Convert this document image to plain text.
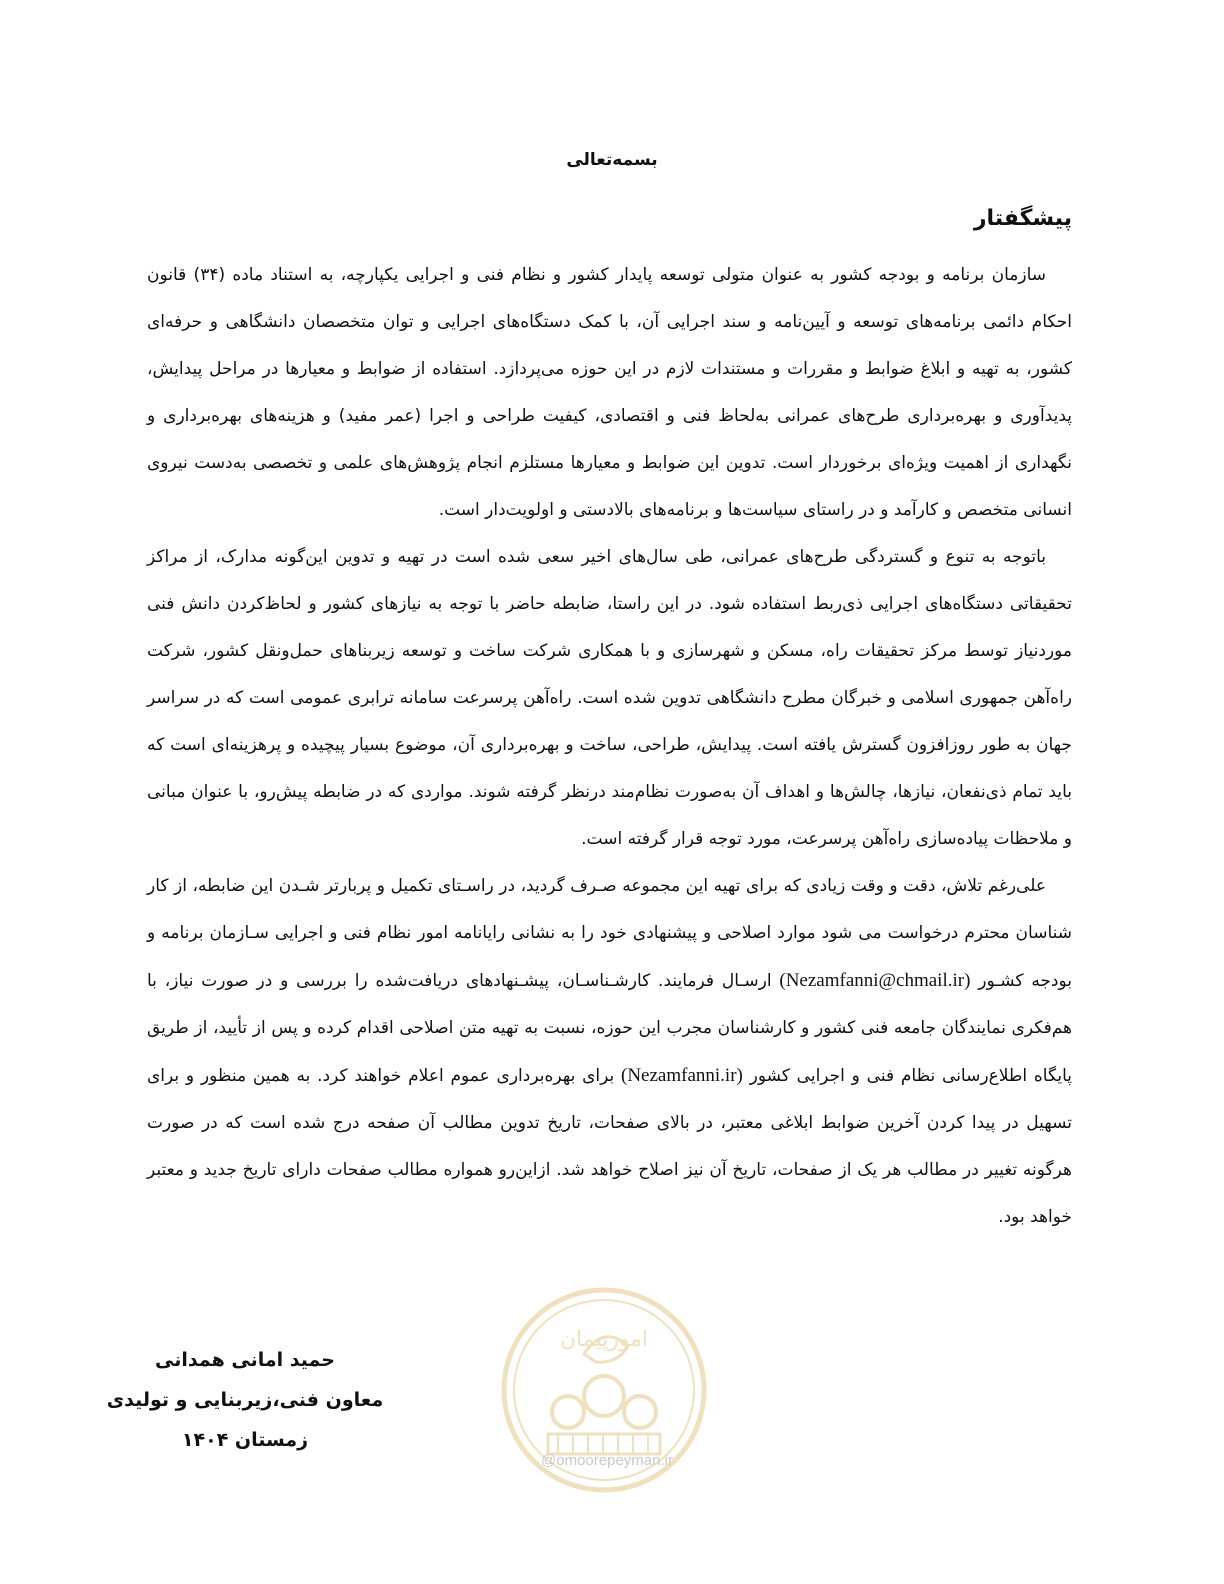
بسمه‌تعالی
پیشگفتار

سازمان برنامه و بودجه کشور به عنوان متولی توسعه پایدار کشور و نظام فنی و اجرایی یکپارچه، به استناد ماده (۳۴) قانون احکام دائمی برنامه‌های توسعه و آیین‌نامه و سند اجرایی آن، با کمک دستگاه‌های اجرایی و توان متخصصان دانشگاهی و حرفه‌ای کشور، به تهیه و ابلاغ ضوابط و مقررات و مستندات لازم در این حوزه می‌پردازد. استفاده از ضوابط و معیارها در مراحل پیدایش، پدیدآوری و بهره‌برداری طرح‌های عمرانی به‌لحاظ فنی و اقتصادی، کیفیت طراحی و اجرا (عمر مفید) و هزینه‌های بهره‌برداری و نگهداری از اهمیت ویژه‌ای برخوردار است. تدوین این ضوابط و معیارها مستلزم انجام پژوهش‌های علمی و تخصصی به‌دست نیروی انسانی متخصص و کارآمد و در راستای سیاست‌ها و برنامه‌های بالادستی و اولویت‌دار است.

باتوجه به تنوع و گستردگی طرح‌های عمرانی، طی سال‌های اخیر سعی شده است در تهیه و تدوین این‌گونه مدارک، از مراکز تحقیقاتی دستگاه‌های اجرایی ذی‌ربط استفاده شود. در این راستا، ضابطه حاضر با توجه به نیازهای کشور و لحاظ‌کردن دانش فنی موردنیاز توسط مرکز تحقیقات راه، مسکن و شهرسازی و با همکاری شرکت ساخت و توسعه زیربناهای حمل‌ونقل کشور، شرکت راه‌آهن جمهوری اسلامی و خبرگان مطرح دانشگاهی تدوین شده است. راه‌آهن پرسرعت سامانه ترابری عمومی است که در سراسر جهان به طور روزافزون گسترش یافته است. پیدایش، طراحی، ساخت و بهره‌برداری آن، موضوع بسیار پیچیده و پرهزینه‌ای است که باید تمام ذی‌نفعان، نیازها، چالش‌ها و اهداف آن به‌صورت نظام‌مند درنظر گرفته شوند. مواردی که در ضابطه پیش‌رو، با عنوان مبانی و ملاحظات پیاده‌سازی راه‌آهن پرسرعت، مورد توجه قرار گرفته است.

علی‌رغم تلاش، دقت و وقت زیادی که برای تهیه این مجموعه صـرف گردید، در راسـتای تکمیل و پربارتر شـدن این ضابطه، از کار شناسان محترم درخواست می شود موارد اصلاحی و پیشنهادی خود را به نشانی رایانامه امور نظام فنی و اجرایی سـازمان برنامه و بودجه کشـور (Nezamfanni@chmail.ir) ارسـال فرمایند. کارشـناسـان، پیشـنهادهای دریافت‌شده را بررسی و در صورت نیاز، با هم‌فکری نمایندگان جامعه فنی کشور و کارشناسان مجرب این حوزه، نسبت به تهیه متن اصلاحی اقدام کرده و پس از تأیید، از طریق پایگاه اطلاع‌رسانی نظام فنی و اجرایی کشور (Nezamfanni.ir) برای بهره‌برداری عموم اعلام خواهند کرد. به همین منظور و برای تسهیل در پیدا کردن آخرین ضوابط ابلاغی معتبر، در بالای صفحات، تاریخ تدوین مطالب آن صفحه درج شده است که در صورت هرگونه تغییر در مطالب هر یک از صفحات، تاریخ آن نیز اصلاح خواهد شد. ازاین‌رو همواره مطالب صفحات دارای تاریخ جدید و معتبر خواهد بود.

امورپیمان
@omoorepeyman.ir
حمید امانی همدانی
معاون فنی،زیربنایی و تولیدی
زمستان ۱۴۰۴
